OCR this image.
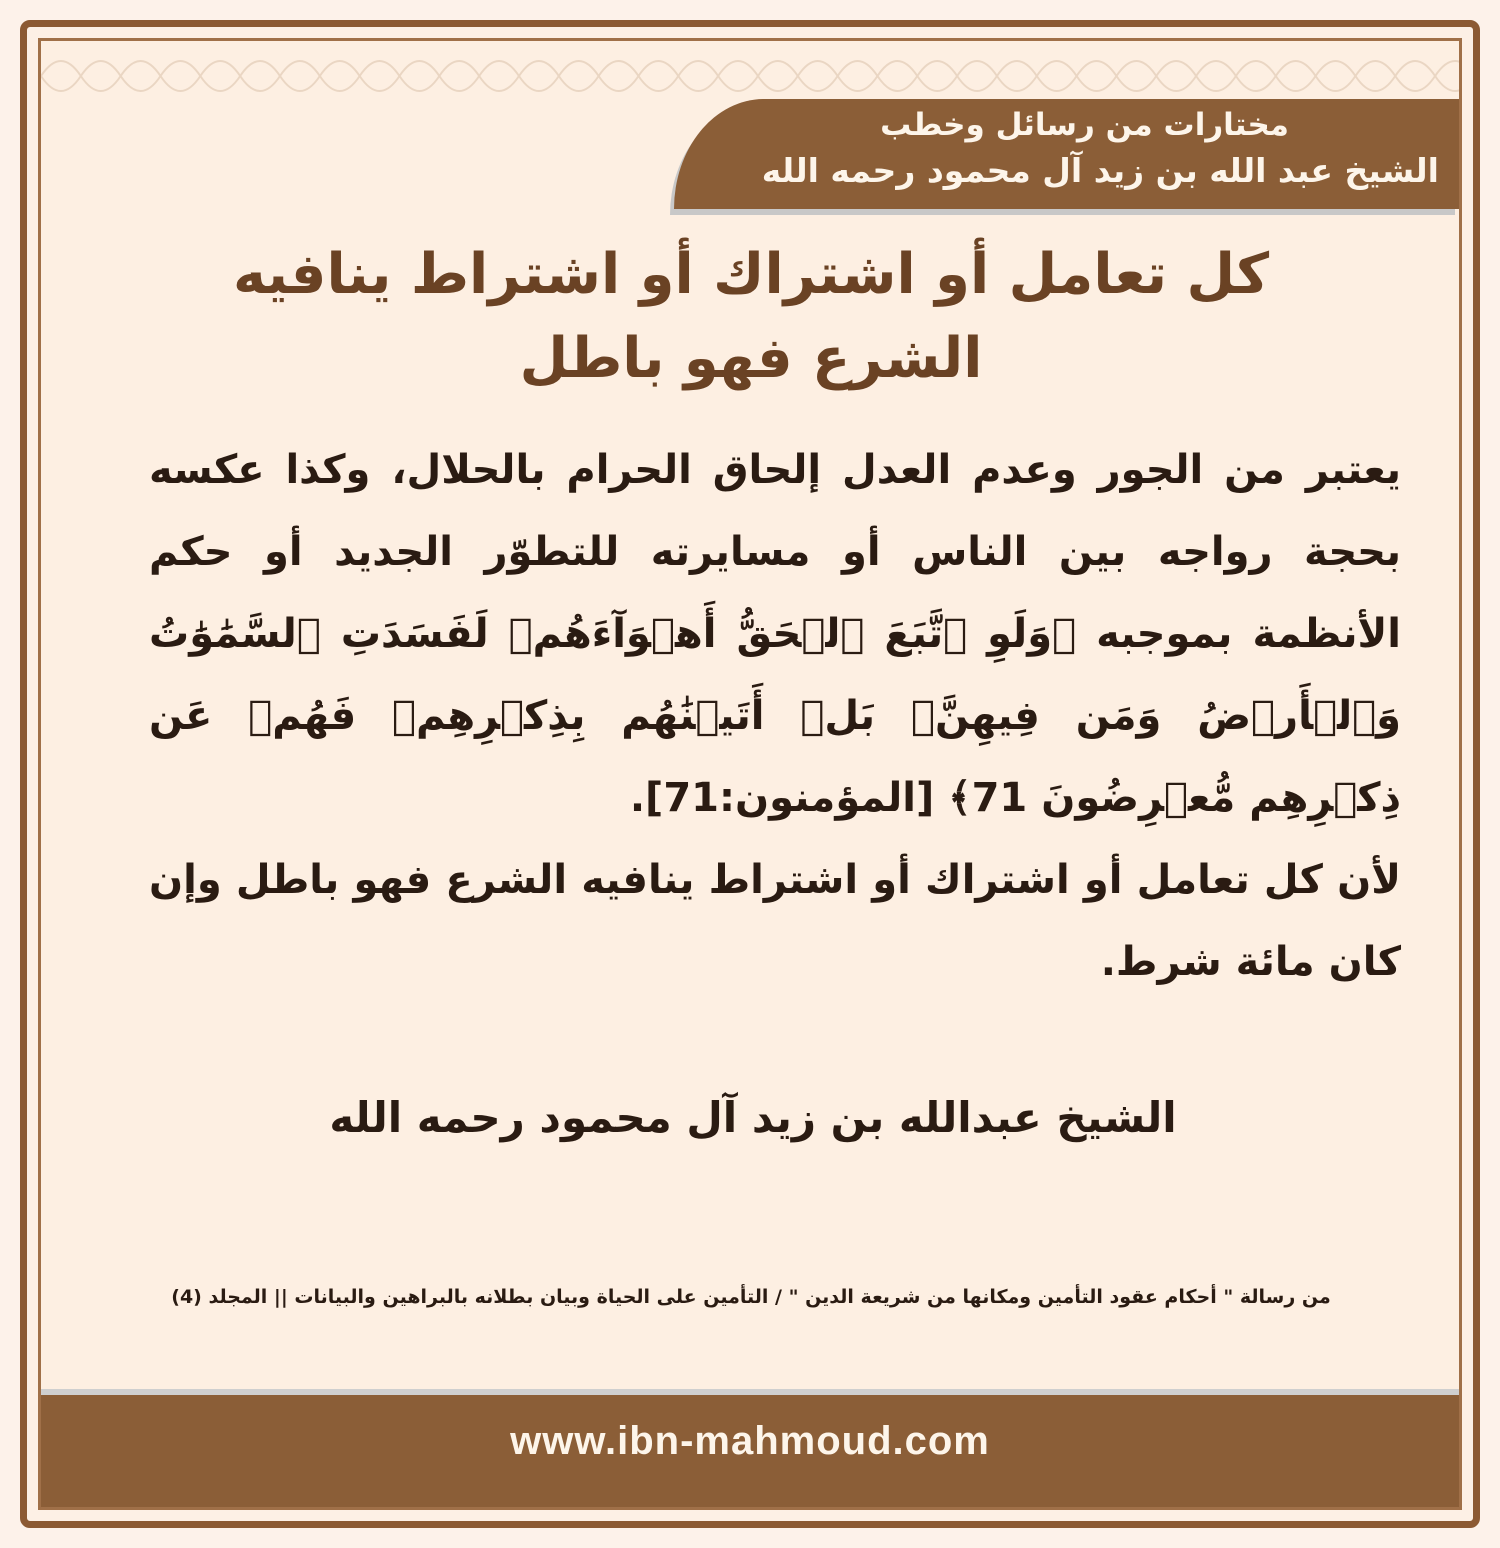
مختارات من رسائل وخطب
الشيخ عبد الله بن زيد آل محمود رحمه الله
كل تعامل أو اشتراك أو اشتراط ينافيه الشرع فهو باطل

يعتبر من الجور وعدم العدل إلحاق الحرام بالحلال، وكذا عكسه بحجة رواجه بين الناس أو مسايرته للتطوّر الجديد أو حكم الأنظمة بموجبه ﴿وَلَوِ ٱتَّبَعَ ٱلۡحَقُّ أَهۡوَآءَهُمۡ لَفَسَدَتِ ٱلسَّمَٰوَٰتُ وَٱلۡأَرۡضُ وَمَن فِيهِنَّۚ بَلۡ أَتَيۡنَٰهُم بِذِكۡرِهِمۡ فَهُمۡ عَن ذِكۡرِهِم مُّعۡرِضُونَ 71﴾ [المؤمنون:71].

لأن كل تعامل أو اشتراك أو اشتراط ينافيه الشرع فهو باطل وإن كان مائة شرط.

الشيخ عبدالله بن زيد آل محمود رحمه الله
من رسالة " أحكام عقود التأمين ومكانها من شريعة الدين " / التأمين على الحياة وبيان بطلانه بالبراهين والبيانات || المجلد (4)
www.ibn-mahmoud.com
